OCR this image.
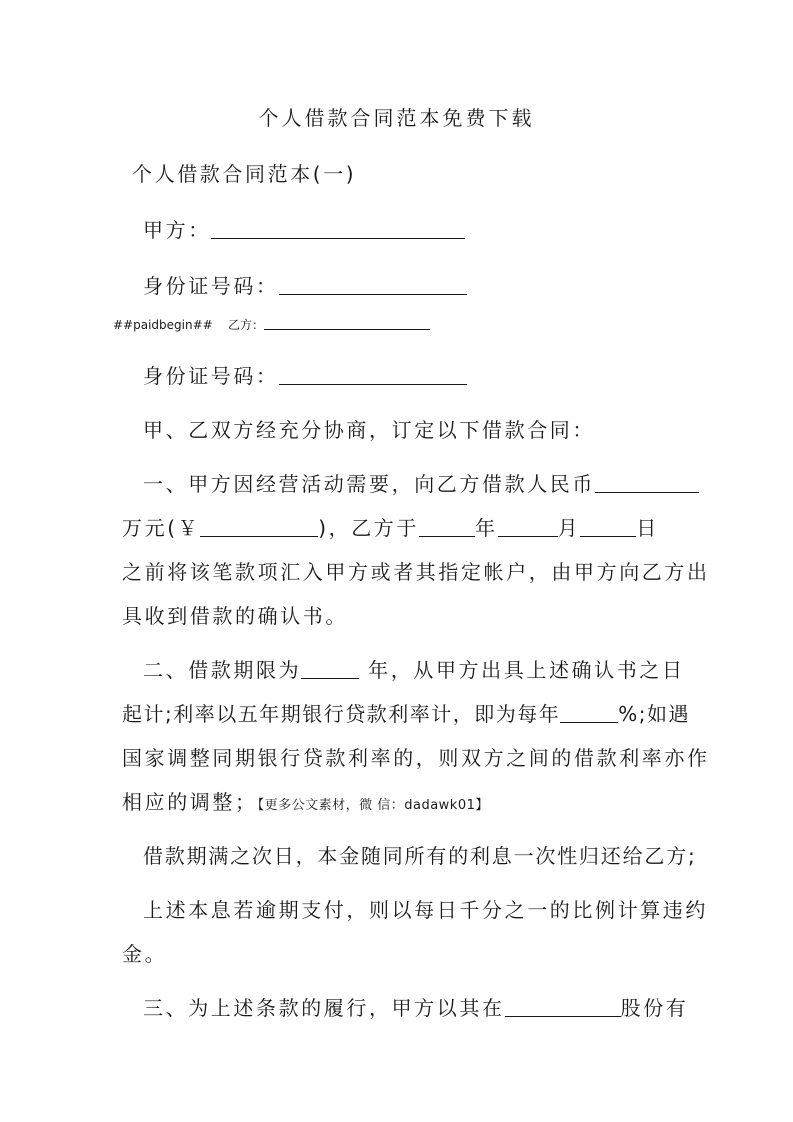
个人借款合同范本免费下载
个人借款合同范本(一)
甲方：
身份证号码：
##paidbegin## 乙方：
身份证号码：
甲、乙双方经充分协商，订定以下借款合同：
一、甲方因经营活动需要，向乙方借款人民币
万元(￥	)，乙方于	年	月	日
之前将该笔款项汇入甲方或者其指定帐户，由甲方向乙方出
具收到借款的确认书。
二、借款期限为	年，从甲方出具上述确认书之日
起计;利率以五年期银行贷款利率计，即为每年	%;如遇
国家调整同期银行贷款利率的，则双方之间的借款利率亦作
相应的调整；【更多公文素材，微 信：dadawk01】
借款期满之次日，本金随同所有的利息一次性归还给乙方;
上述本息若逾期支付，则以每日千分之一的比例计算违约
金。
三、为上述条款的履行，甲方以其在	股份有
